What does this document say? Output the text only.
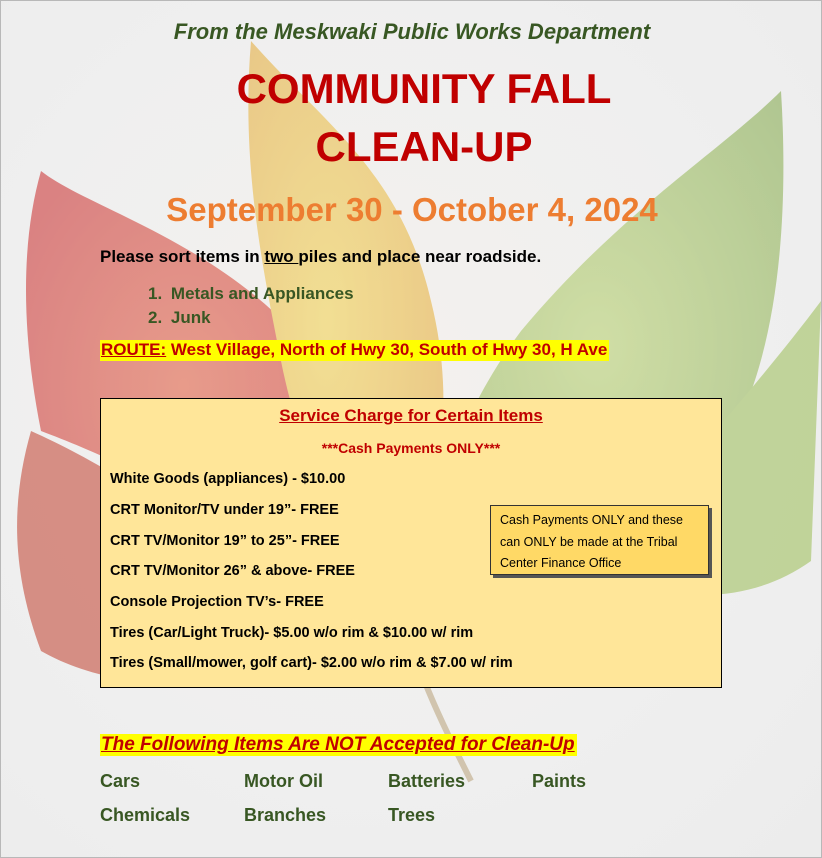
From the Meskwaki Public Works Department
COMMUNITY FALL
CLEAN-UP
September 30 - October 4, 2024
Please sort items in two piles and place near roadside.
1. Metals and Appliances
2. Junk
ROUTE: West Village, North of Hwy 30, South of Hwy 30, H Ave
Service Charge for Certain Items
***Cash Payments ONLY***
White Goods (appliances) - $10.00
CRT Monitor/TV under 19”- FREE
CRT TV/Monitor 19” to 25”- FREE
CRT TV/Monitor 26” & above- FREE
Console Projection TV’s- FREE
Tires (Car/Light Truck)- $5.00 w/o rim & $10.00 w/ rim
Tires (Small/mower, golf cart)- $2.00 w/o rim & $7.00 w/ rim
Cash Payments ONLY and these
can ONLY be made at the Tribal
Center Finance Office
The Following Items Are NOT Accepted for Clean-Up
Cars	Motor Oil	Batteries	Paints
Chemicals	Branches	Trees
